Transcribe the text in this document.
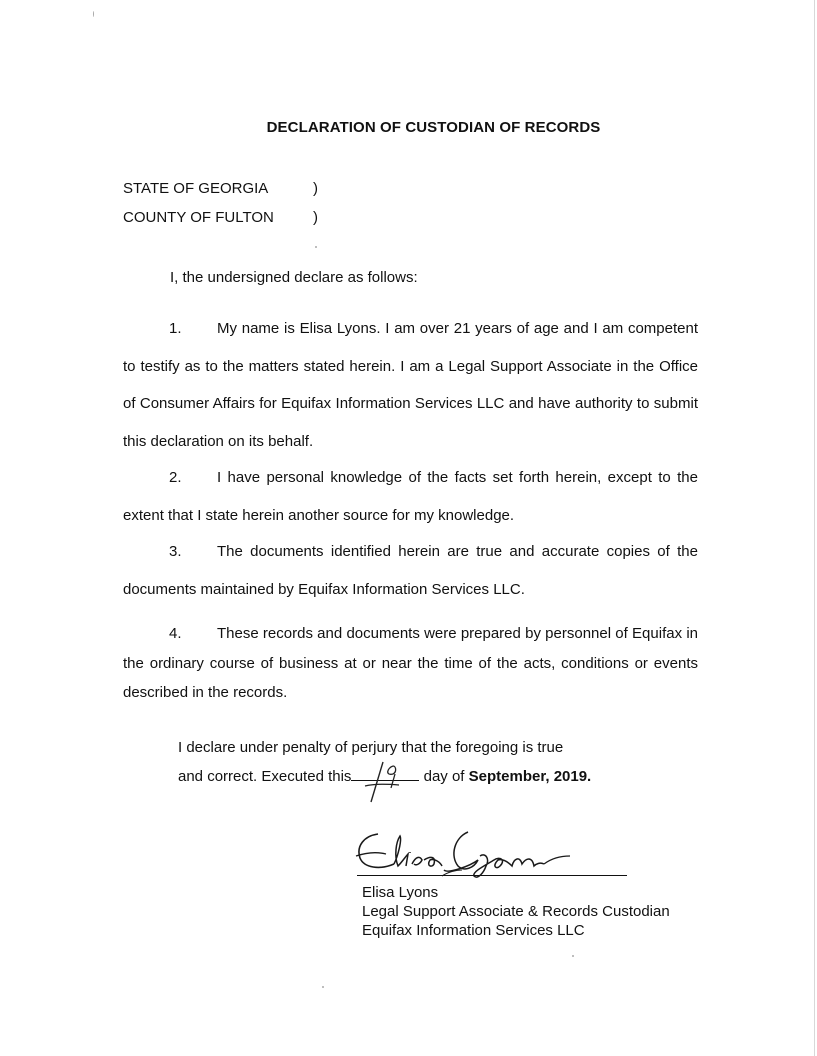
DECLARATION OF CUSTODIAN OF RECORDS
STATE OF GEORGIA	)
COUNTY OF FULTON	)
I, the undersigned declare as follows:
1. My name is Elisa Lyons. I am over 21 years of age and I am competent to testify as to the matters stated herein. I am a Legal Support Associate in the Office of Consumer Affairs for Equifax Information Services LLC and have authority to submit this declaration on its behalf.
2. I have personal knowledge of the facts set forth herein, except to the extent that I state herein another source for my knowledge.
3. The documents identified herein are true and accurate copies of the documents maintained by Equifax Information Services LLC.
4. These records and documents were prepared by personnel of Equifax in the ordinary course of business at or near the time of the acts, conditions or events described in the records.
I declare under penalty of perjury that the foregoing is true
and correct. Executed this	day of September, 2019.
Elisa Lyons
Legal Support Associate & Records Custodian
Equifax Information Services LLC
